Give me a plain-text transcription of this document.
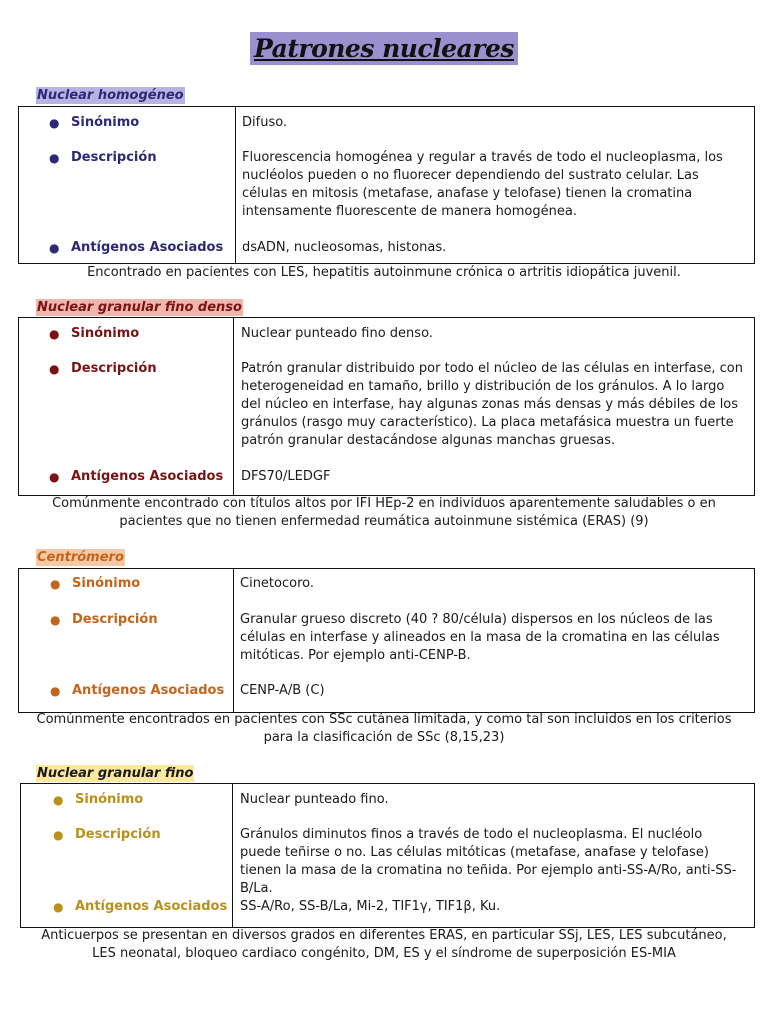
Patrones nucleares
Nuclear homogéneo
● Sinónimo	Difuso.
● Descripción	Fluorescencia homogénea y regular a través de todo el nucleoplasma, los nucléolos pueden o no fluorecer dependiendo del sustrato celular. Las células en mitosis (metafase, anafase y telofase) tienen la cromatina intensamente fluorescente de manera homogénea.
● Antígenos Asociados dsADN, nucleosomas, histonas.
Encontrado en pacientes con LES, hepatitis autoinmune crónica o artritis idiopática juvenil.
Nuclear granular fino denso
● Sinónimo	Nuclear punteado fino denso.
● Descripción	Patrón granular distribuido por todo el núcleo de las células en interfase, con heterogeneidad en tamaño, brillo y distribución de los gránulos. A lo largo del núcleo en interfase, hay algunas zonas más densas y más débiles de los gránulos (rasgo muy característico). La placa metafásica muestra un fuerte patrón granular destacándose algunas manchas gruesas.
● Antígenos Asociados DFS70/LEDGF
Comúnmente encontrado con títulos altos por IFI HEp-2 en individuos aparentemente saludables o en pacientes que no tienen enfermedad reumática autoinmune sistémica (ERAS) (9)
Centrómero
● Sinónimo	Cinetocoro.
● Descripción	Granular grueso discreto (40 ? 80/célula) dispersos en los núcleos de las células en interfase y alineados en la masa de la cromatina en las células mitóticas. Por ejemplo anti-CENP-B.
● Antígenos Asociados CENP-A/B (C)
Comúnmente encontrados en pacientes con SSc cutánea limitada, y como tal son incluidos en los criterios para la clasificación de SSc (8,15,23)
Nuclear granular fino
● Sinónimo	Nuclear punteado fino.
● Descripción	Gránulos diminutos finos a través de todo el nucleoplasma. El nucléolo puede teñirse o no. Las células mitóticas (metafase, anafase y telofase) tienen la masa de la cromatina no teñida. Por ejemplo anti-SS-A/Ro, anti-SS-B/La.
● Antígenos Asociados SS-A/Ro, SS-B/La, Mi-2, TIF1γ, TIF1β, Ku.
Anticuerpos se presentan en diversos grados en diferentes ERAS, en particular SSj, LES, LES subcutáneo, LES neonatal, bloqueo cardiaco congénito, DM, ES y el síndrome de superposición ES-MIA
